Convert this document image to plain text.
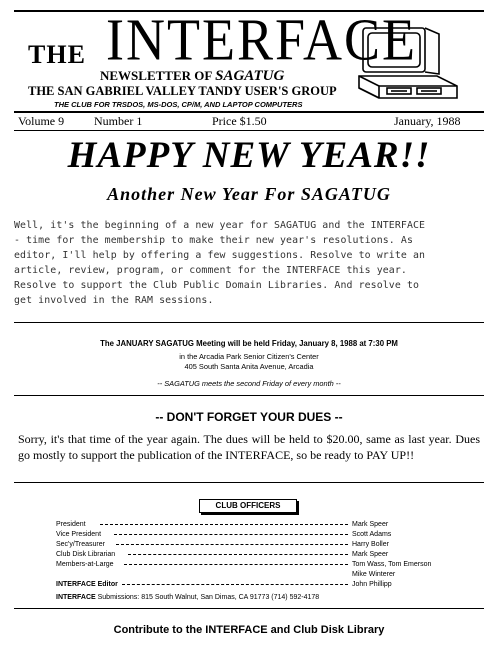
THE INTERFACE
NEWSLETTER OF SAGATUG
THE SAN GABRIEL VALLEY TANDY USER'S GROUP
THE CLUB FOR TRSDOS, MS-DOS, CP/M, AND LAPTOP COMPUTERS
Volume 9 Number 1	Price $1.50	January, 1988
HAPPY NEW YEAR!!
Another New Year For SAGATUG

Well, it's the beginning of a new year for SAGATUG and the INTERFACE

- time for the membership to make their new year's resolutions. As

editor, I'll help by offering a few suggestions. Resolve to write an

article, review, program, or comment for the INTERFACE this year.

Resolve to support the Club Public Domain Libraries. And resolve to

get involved in the RAM sessions.

The JANUARY SAGATUG Meeting will be held Friday, January 8, 1988 at 7:30 PM
in the Arcadia Park Senior Citizen's Center
405 South Santa Anita Avenue, Arcadia
-- SAGATUG meets the second Friday of every month --
-- DON'T FORGET YOUR DUES --
Sorry, it's that time of the year again. The dues will be held to $20.00, same as last year. Dues go mostly to support the publication of the INTERFACE, so be ready to PAY UP!!
CLUB OFFICERS
President	Mark Speer
Vice President	Scott Adams
Sec'y/Treasurer	Harry Boller
Club Disk Librarian	Mark Speer
Members-at-Large	Tom Wass, Tom Emerson
Mike Winterer
INTERFACE Editor	John Phillipp
INTERFACE Submissions: 815 South Walnut, San Dimas, CA 91773 (714) 592-4178
Contribute to the INTERFACE and Club Disk Library
